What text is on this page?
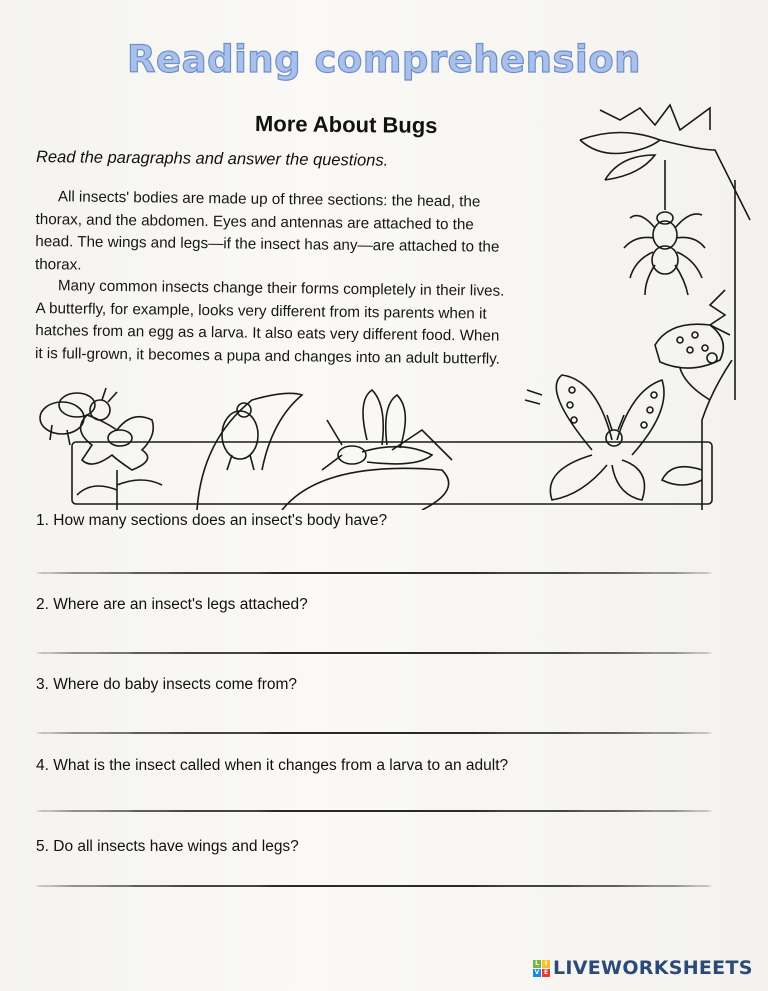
Reading comprehension
More About Bugs
Read the paragraphs and answer the questions.
All insects' bodies are made up of three sections: the head, the
thorax, and the abdomen. Eyes and antennas are attached to the
head. The wings and legs—if the insect has any—are attached to the
thorax.
Many common insects change their forms completely in their lives.
A butterfly, for example, looks very different from its parents when it
hatches from an egg as a larva. It also eats very different food. When
it is full-grown, it becomes a pupa and changes into an adult butterfly.
1. How many sections does an insect's body have?
2. Where are an insect's legs attached?
3. Where do baby insects come from?
4. What is the insect called when it changes from a larva to an adult?
5. Do all insects have wings and legs?
L I
V E LIVEWORKSHEETS
